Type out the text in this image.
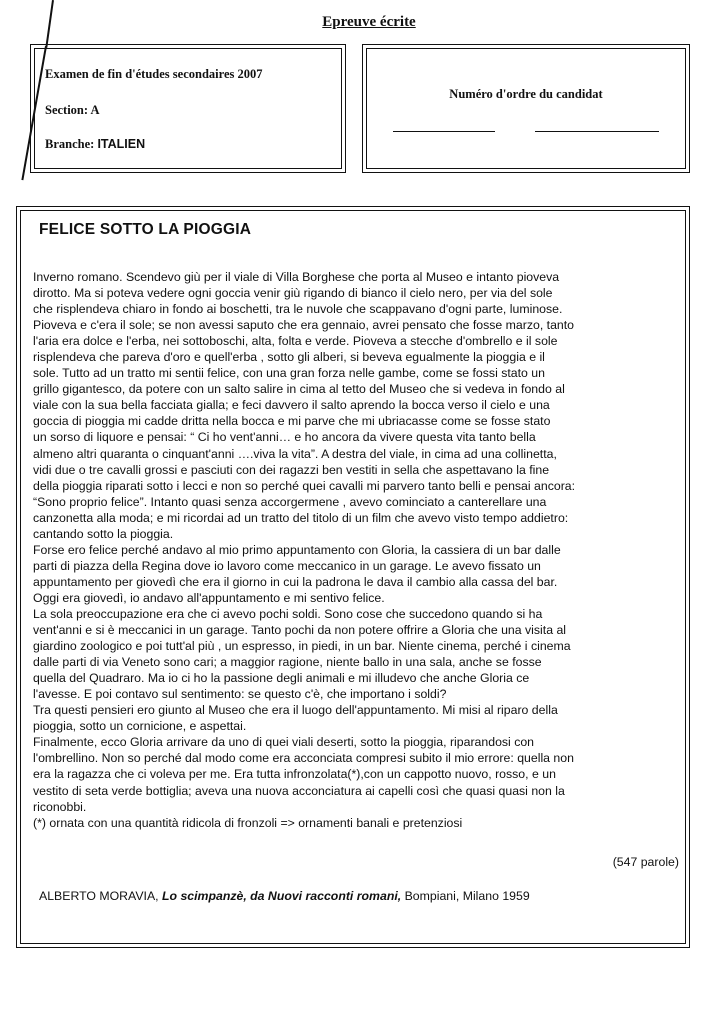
Epreuve écrite
Examen de fin d'études secondaires 2007
Section: A
Branche: ITALIEN
Numéro d'ordre du candidat
FELICE SOTTO LA PIOGGIA
Inverno romano. Scendevo giù per il viale di Villa Borghese che porta al Museo e intanto pioveva
dirotto. Ma si poteva vedere ogni goccia venir giù rigando di bianco il cielo nero, per via del sole
che risplendeva chiaro in fondo ai boschetti, tra le nuvole che scappavano d'ogni parte, luminose.
Pioveva e c'era il sole; se non avessi saputo che era gennaio, avrei pensato che fosse marzo, tanto
l'aria era dolce e l'erba, nei sottoboschi, alta, folta e verde. Pioveva a stecche d'ombrello e il sole
risplendeva che pareva d'oro e quell'erba , sotto gli alberi, si beveva egualmente la pioggia e il
sole. Tutto ad un tratto mi sentii felice, con una gran forza nelle gambe, come se fossi stato un
grillo gigantesco, da potere con un salto salire in cima al tetto del Museo che si vedeva in fondo al
viale con la sua bella facciata gialla; e feci davvero il salto aprendo la bocca verso il cielo e una
goccia di pioggia mi cadde dritta nella bocca e mi parve che mi ubriacasse come se fosse stato
un sorso di liquore e pensai: “ Ci ho vent'anni… e ho ancora da vivere questa vita tanto bella
almeno altri quaranta o cinquant'anni ….viva la vita”. A destra del viale, in cima ad una collinetta,
vidi due o tre cavalli grossi e pasciuti con dei ragazzi ben vestiti in sella che aspettavano la fine
della pioggia riparati sotto i lecci e non so perché quei cavalli mi parvero tanto belli e pensai ancora:
“Sono proprio felice”. Intanto quasi senza accorgermene , avevo cominciato a canterellare una
canzonetta alla moda; e mi ricordai ad un tratto del titolo di un film che avevo visto tempo addietro:
cantando sotto la pioggia.
Forse ero felice perché andavo al mio primo appuntamento con Gloria, la cassiera di un bar dalle
parti di piazza della Regina dove io lavoro come meccanico in un garage. Le avevo fissato un
appuntamento per giovedì che era il giorno in cui la padrona le dava il cambio alla cassa del bar.
Oggi era giovedì, io andavo all'appuntamento e mi sentivo felice.
La sola preoccupazione era che ci avevo pochi soldi. Sono cose che succedono quando si ha
vent'anni e si è meccanici in un garage. Tanto pochi da non potere offrire a Gloria che una visita al
giardino zoologico e poi tutt'al più , un espresso, in piedi, in un bar. Niente cinema, perché i cinema
dalle parti di via Veneto sono cari; a maggior ragione, niente ballo in una sala, anche se fosse
quella del Quadraro. Ma io ci ho la passione degli animali e mi illudevo che anche Gloria ce
l'avesse. E poi contavo sul sentimento: se questo c'è, che importano i soldi?
Tra questi pensieri ero giunto al Museo che era il luogo dell'appuntamento. Mi misi al riparo della
pioggia, sotto un cornicione, e aspettai.
Finalmente, ecco Gloria arrivare da uno di quei viali deserti, sotto la pioggia, riparandosi con
l'ombrellino. Non so perché dal modo come era acconciata compresi subito il mio errore: quella non
era la ragazza che ci voleva per me. Era tutta infronzolata(*),con un cappotto nuovo, rosso, e un
vestito di seta verde bottiglia; aveva una nuova acconciatura ai capelli così che quasi quasi non la
riconobbi.
(*) ornata con una quantità ridicola di fronzoli => ornamenti banali e pretenziosi
(547 parole)
ALBERTO MORAVIA, Lo scimpanzè, da Nuovi racconti romani, Bompiani, Milano 1959
